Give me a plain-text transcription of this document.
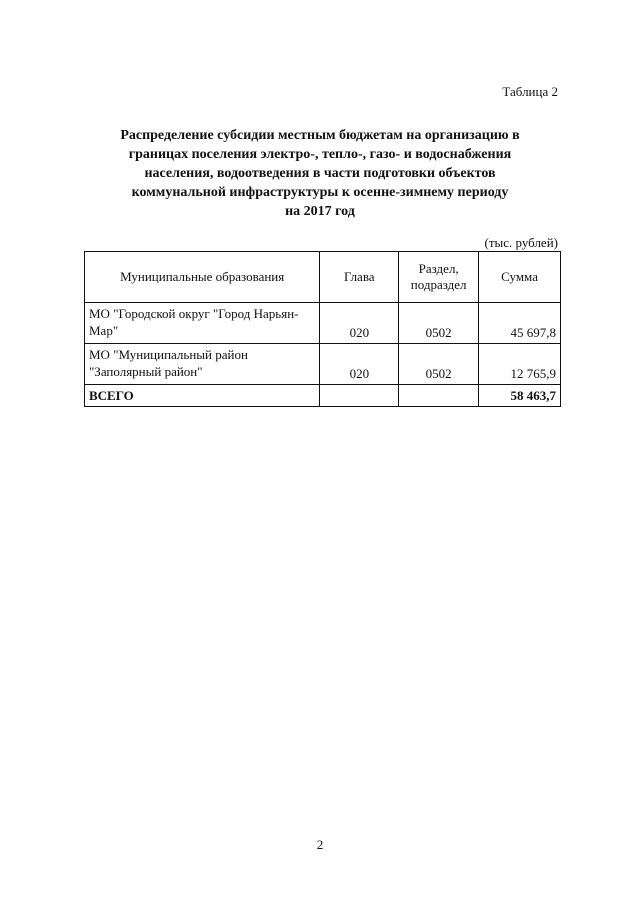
Таблица 2
Распределение субсидии местным бюджетам на организацию в
границах поселения электро-, тепло-, газо- и водоснабжения
населения, водоотведения в части подготовки объектов
коммунальной инфраструктуры к осенне-зимнему периоду
на 2017 год
(тыс. рублей)
Муниципальные образования	Глава	Раздел,
подраздел	Сумма
МО "Городской округ "Город Нарьян-Мар"	020	0502	45 697,8
МО "Муниципальный район "Заполярный район"	020	0502	12 765,9
ВСЕГО			58 463,7
2
